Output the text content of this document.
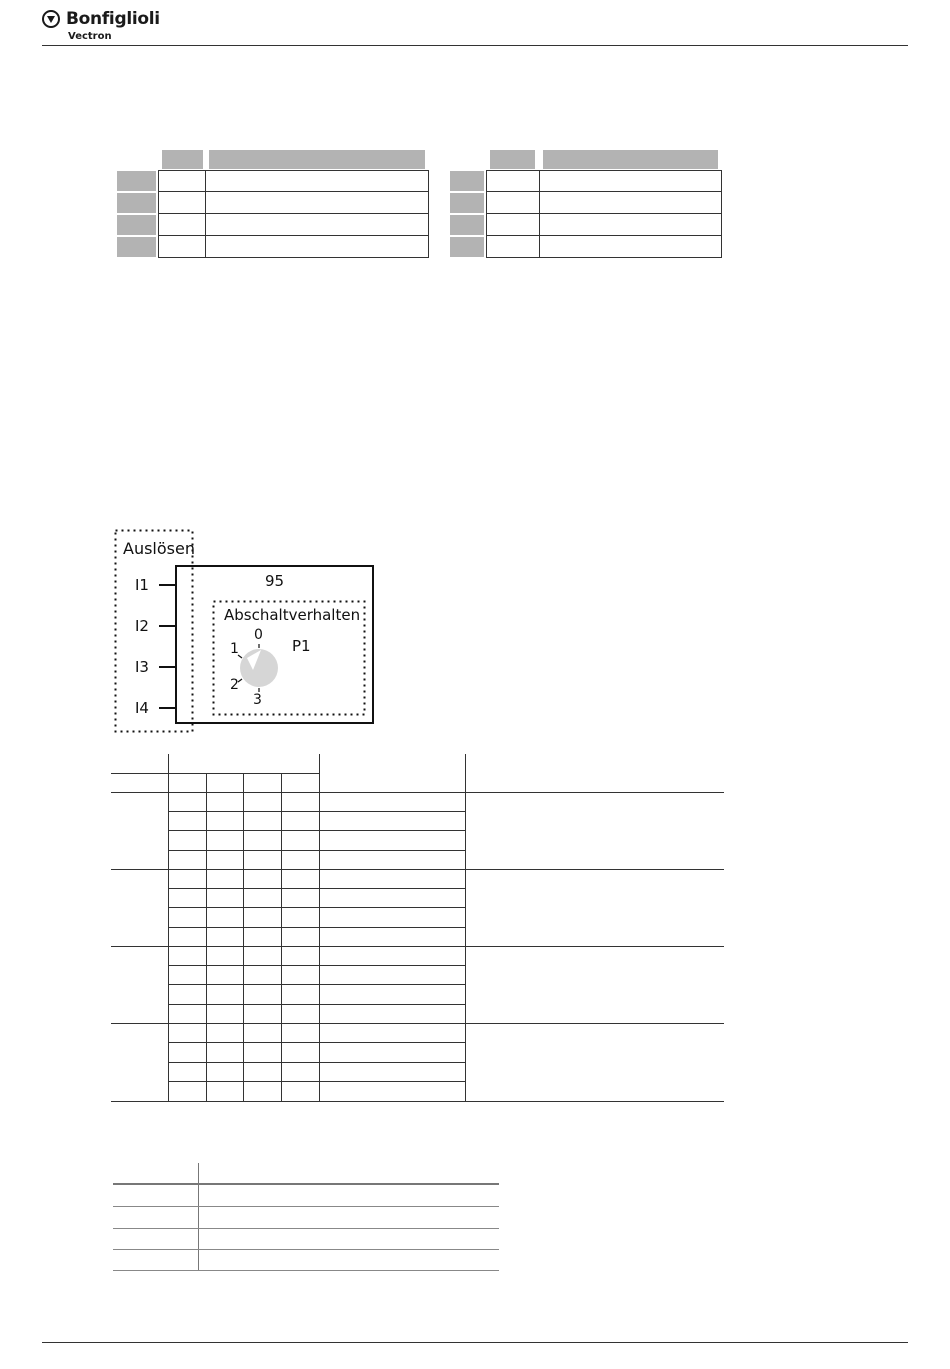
Bonfiglioli
Vectron
Auslösen
I1
I2
I3
I4
95
Abschaltverhalten
P1
0
1
2
3
